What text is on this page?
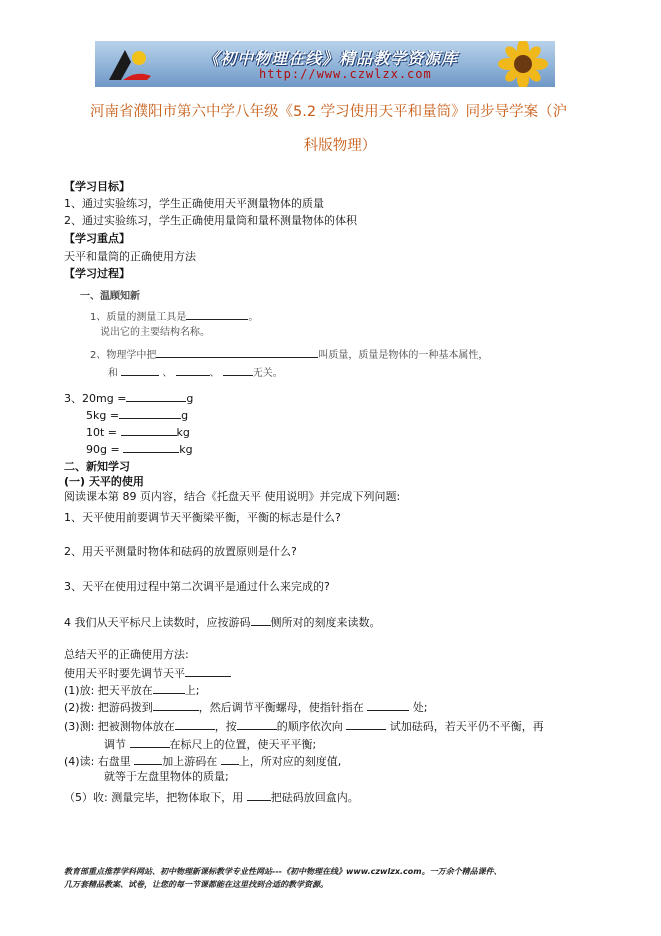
《初中物理在线》精品教学资源库
http://www.czwlzx.com
河南省濮阳市第六中学八年级《5.2 学习使用天平和量筒》同步导学案（沪
科版物理）
【学习目标】
1、通过实验练习，学生正确使用天平测量物体的质量
2、通过实验练习，学生正确使用量筒和量杯测量物体的体积
【学习重点】
天平和量筒的正确使用方法
【学习过程】
一、温顾知新
1、质量的测量工具是	。
说出它的主要结构名称。
2、物理学中把	叫质量，质量是物体的一种基本属性，
和	、	、	无关。
3、20mg =	g
5kg =	g
10t =	kg
90g =	kg
二、新知学习
(一) 天平的使用
阅读课本第 89 页内容，结合《托盘天平 使用说明》并完成下列问题:
1、天平使用前要调节天平衡梁平衡，平衡的标志是什么?
2、用天平测量时物体和砝码的放置原则是什么?
3、天平在使用过程中第二次调平是通过什么来完成的?
4 我们从天平标尺上读数时，应按游码 侧所对的刻度来读数。
总结天平的正确使用方法:
使用天平时要先调节天平
(1)放: 把天平放在	上;
(2)拨: 把游码拨到	，然后调节平衡螺母，使指针指在	处;
(3)测: 把被测物体放在	，按	的顺序依次向	试加砝码，若天平仍不平衡，再
调节	在标尺上的位置，使天平平衡;
(4)读: 右盘里	加上游码在 上，所对应的刻度值,
就等于左盘里物体的质量;
（5）收: 测量完毕，把物体取下，用	把砝码放回盒内。
教育部重点推荐学科网站、初中物理新课标教学专业性网站---《初中物理在线》www.czwlzx.com。一万余个精品课件、
几万套精品教案、试卷，让您的每一节课都能在这里找到合适的教学资源。
